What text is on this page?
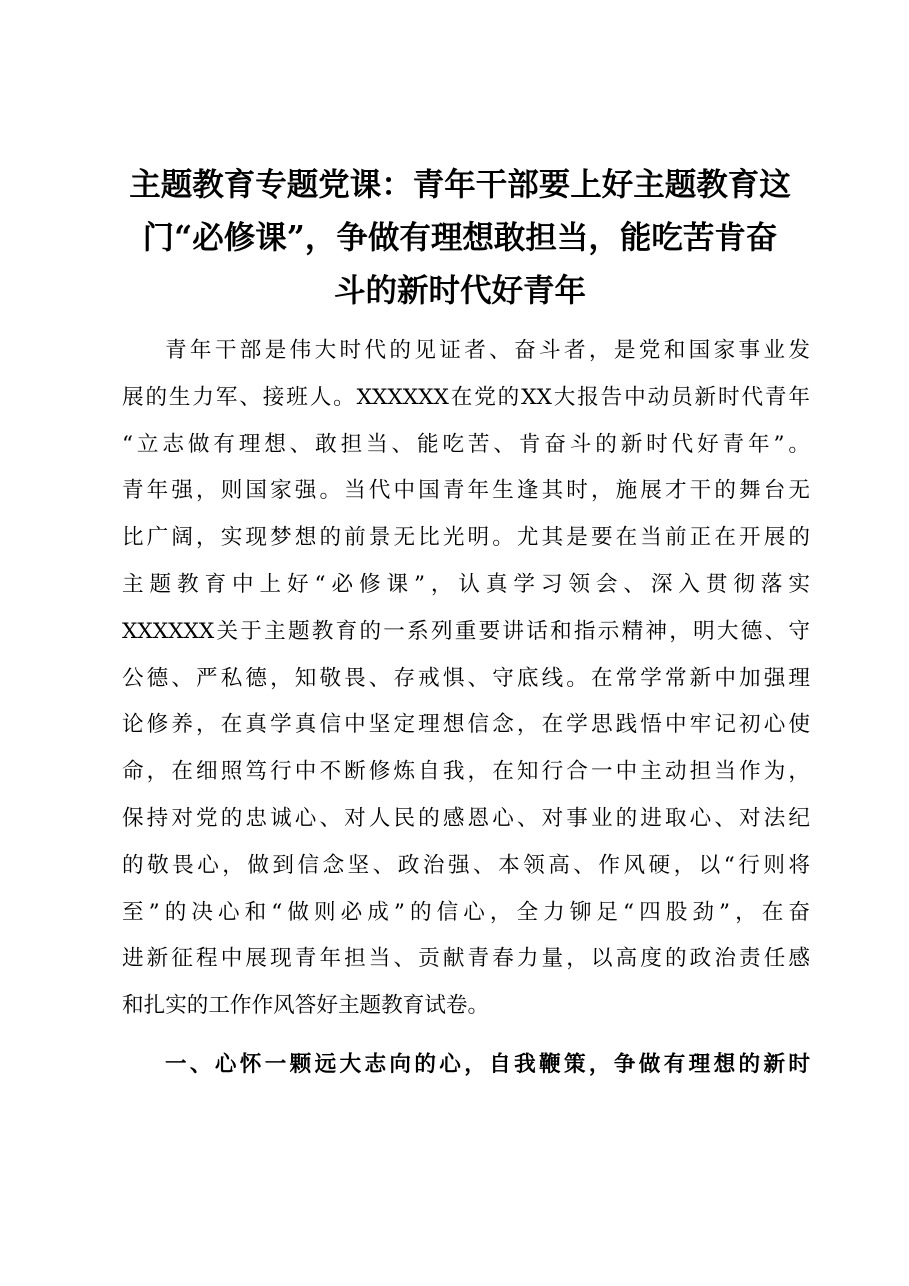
主题教育专题党课：青年干部要上好主题教育这
门“必修课”，争做有理想敢担当，能吃苦肯奋
斗的新时代好青年
青年干部是伟大时代的见证者、奋斗者，是党和国家事业发
展的生力军、接班人。XXXXXX在党的XX大报告中动员新时代青年
“立志做有理想、敢担当、能吃苦、肯奋斗的新时代好青年”。
青年强，则国家强。当代中国青年生逢其时，施展才干的舞台无
比广阔，实现梦想的前景无比光明。尤其是要在当前正在开展的
主题教育中上好“必修课”，认真学习领会、深入贯彻落实
XXXXXX关于主题教育的一系列重要讲话和指示精神，明大德、守
公德、严私德，知敬畏、存戒惧、守底线。在常学常新中加强理
论修养，在真学真信中坚定理想信念，在学思践悟中牢记初心使
命，在细照笃行中不断修炼自我，在知行合一中主动担当作为，
保持对党的忠诚心、对人民的感恩心、对事业的进取心、对法纪
的敬畏心，做到信念坚、政治强、本领高、作风硬，以“行则将
至”的决心和“做则必成”的信心，全力铆足“四股劲”，在奋
进新征程中展现青年担当、贡献青春力量，以高度的政治责任感
和扎实的工作作风答好主题教育试卷。
一、心怀一颗远大志向的心，自我鞭策，争做有理想的新时
